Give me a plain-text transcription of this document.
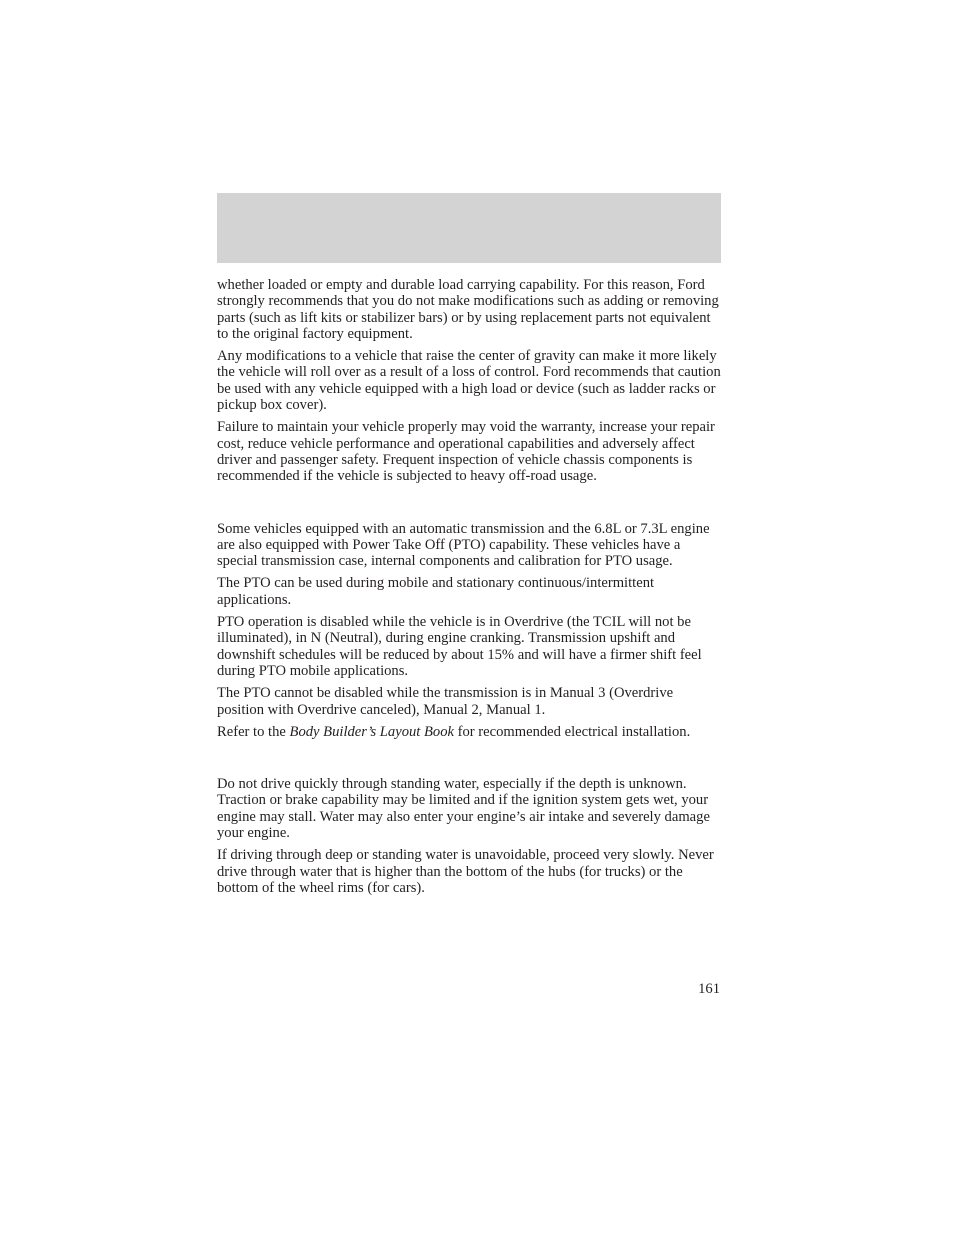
whether loaded or empty and durable load carrying capability. For this reason, Ford strongly recommends that you do not make modifications such as adding or removing parts (such as lift kits or stabilizer bars) or by using replacement parts not equivalent to the original factory equipment.

Any modifications to a vehicle that raise the center of gravity can make it more likely the vehicle will roll over as a result of a loss of control. Ford recommends that caution be used with any vehicle equipped with a high load or device (such as ladder racks or pickup box cover).

Failure to maintain your vehicle properly may void the warranty, increase your repair cost, reduce vehicle performance and operational capabilities and adversely affect driver and passenger safety. Frequent inspection of vehicle chassis components is recommended if the vehicle is subjected to heavy off-road usage.

Some vehicles equipped with an automatic transmission and the 6.8L or 7.3L engine are also equipped with Power Take Off (PTO) capability. These vehicles have a special transmission case, internal components and calibration for PTO usage.

The PTO can be used during mobile and stationary continuous/intermittent applications.

PTO operation is disabled while the vehicle is in Overdrive (the TCIL will not be illuminated), in N (Neutral), during engine cranking. Transmission upshift and downshift schedules will be reduced by about 15% and will have a firmer shift feel during PTO mobile applications.

The PTO cannot be disabled while the transmission is in Manual 3 (Overdrive position with Overdrive canceled), Manual 2, Manual 1.

Refer to the Body Builder’s Layout Book for recommended electrical installation.

Do not drive quickly through standing water, especially if the depth is unknown. Traction or brake capability may be limited and if the ignition system gets wet, your engine may stall. Water may also enter your engine’s air intake and severely damage your engine.

If driving through deep or standing water is unavoidable, proceed very slowly. Never drive through water that is higher than the bottom of the hubs (for trucks) or the bottom of the wheel rims (for cars).

161
